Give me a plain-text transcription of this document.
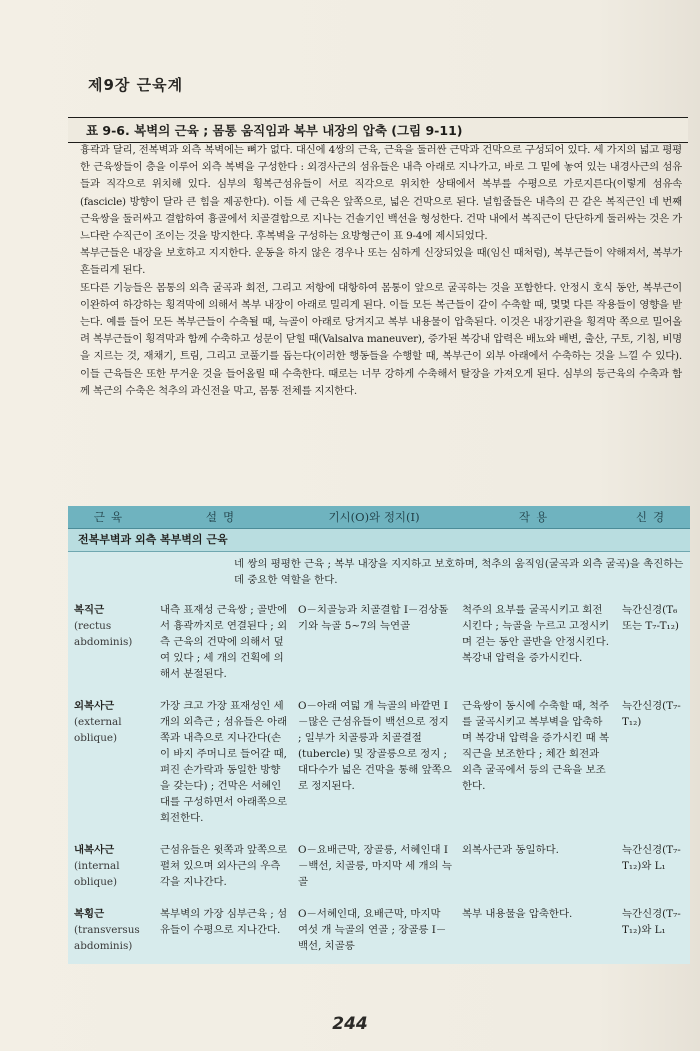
제9장 근육계
표 9-6. 복벽의 근육 ; 몸통 움직임과 복부 내장의 압축 (그림 9-11)

흉곽과 달리, 전복벽과 외측 복벽에는 뼈가 없다. 대신에 4쌍의 근육, 근육을 둘러싼 근막과 건막으로 구성되어 있다. 세 가지의 넓고 평평한 근육쌍들이 층을 이루어 외측 복벽을 구성한다 : 외경사근의 섬유들은 내측 아래로 지나가고, 바로 그 밑에 놓여 있는 내경사근의 섬유들과 직각으로 위치해 있다. 심부의 횡복근섬유들이 서로 직각으로 위치한 상태에서 복부를 수평으로 가로지른다(이렇게 섬유속(fascicle) 방향이 달라 큰 힘을 제공한다). 이들 세 근육은 앞쪽으로, 넓은 건막으로 된다. 널힘줄들은 내측의 끈 같은 복직근인 네 번째 근육쌍을 둘러싸고 결합하여 흉골에서 치골결합으로 지나는 건솔기인 백선을 형성한다. 건막 내에서 복직근이 단단하게 둘러싸는 것은 가느다란 수직근이 조이는 것을 방지한다. 후복벽을 구성하는 요방형근이 표 9-4에 제시되었다.

복부근들은 내장을 보호하고 지지한다. 운동을 하지 않은 경우나 또는 심하게 신장되었을 때(임신 때처럼), 복부근들이 약해져서, 복부가 흔들리게 된다.

또다른 기능들은 몸통의 외측 굴곡과 회전, 그리고 저항에 대항하여 몸통이 앞으로 굴곡하는 것을 포함한다. 안정시 호식 동안, 복부근이 이완하여 하강하는 횡격막에 의해서 복부 내장이 아래로 밀리게 된다. 이들 모든 복근들이 같이 수축할 때, 몇몇 다른 작용들이 영향을 받는다. 예를 들어 모든 복부근들이 수축될 때, 늑골이 아래로 당겨지고 복부 내용물이 압축된다. 이것은 내장기관을 횡격막 쪽으로 밀어올려 복부근들이 횡격막과 함께 수축하고 성문이 닫힐 때(Valsalva maneuver), 증가된 복강내 압력은 배뇨와 배변, 출산, 구토, 기침, 비명을 지르는 것, 재채기, 트림, 그리고 코풀기를 돕는다(이러한 행동들을 수행할 때, 복부근이 외부 아래에서 수축하는 것을 느낄 수 있다). 이들 근육들은 또한 무거운 것을 들어올릴 때 수축한다. 때로는 너무 강하게 수축해서 탈장을 가져오게 된다. 심부의 등근육의 수축과 함께 복근의 수축은 척추의 과신전을 막고, 몸통 전체를 지지한다.

근육	설명	기시(O)와 정지(I)	작용	신경
전복부벽과 외측 복부벽의 근육				

네 쌍의 평평한 근육 ; 복부 내장을 지지하고 보호하며, 척추의 움직임(굴곡과 외측 굴곡)을 촉진하는 데 중요한 역할을 한다.				

복직근
(rectus abdominis)	내측 표재성 근육쌍 ; 골반에서 흉곽까지로 연결된다 ; 외측 근육의 건막에 의해서 덮여 있다 ; 세 개의 건획에 의해서 분절된다.	O－치골능과 치골결합 I－검상돌기와 늑골 5~7의 늑연골	척주의 요부를 굴곡시키고 회전시킨다 ; 늑골을 누르고 고정시키며 걷는 동안 골반을 안정시킨다. 복강내 압력을 증가시킨다.	늑간신경(T₆ 또는 T₇-T₁₂)

외복사근
(external oblique)	가장 크고 가장 표재성인 세 개의 외측근 ; 섬유들은 아래쪽과 내측으로 지나간다(손이 바지 주머니로 들어갈 때, 펴진 손가락과 동일한 방향을 갖는다) ; 건막은 서혜인대를 구성하면서 아래쪽으로 회전한다.	O－아래 여덟 개 늑골의 바깥면 I－많은 근섬유들이 백선으로 정지 ; 일부가 치골릉과 치골결절(tubercle) 및 장골릉으로 정지 ; 대다수가 넓은 건막을 통해 앞쪽으로 정지된다.	근육쌍이 동시에 수축할 때, 척주를 굴곡시키고 복부벽을 압축하며 복강내 압력을 증가시킨 때 복직근을 보조한다 ; 체간 회전과 외측 굴곡에서 등의 근육을 보조한다.	늑간신경(T₇-T₁₂)

내복사근
(internal oblique)	근섬유들은 윗쪽과 앞쪽으로 펼쳐 있으며 외사근의 우측 각을 지나간다.	O－요배근막, 장골릉, 서혜인대 I－백선, 치골릉, 마지막 세 개의 늑골	외복사근과 동일하다.	늑간신경(T₇-T₁₂)와 L₁

복횡근
(transversus abdominis)	복부벽의 가장 심부근육 ; 섬유들이 수평으로 지나간다.	O－서혜인대, 요배근막, 마지막 여섯 개 늑골의 연골 ; 장골릉 I－백선, 치골릉	복부 내용물을 압축한다.	늑간신경(T₇-T₁₂)와 L₁
244
